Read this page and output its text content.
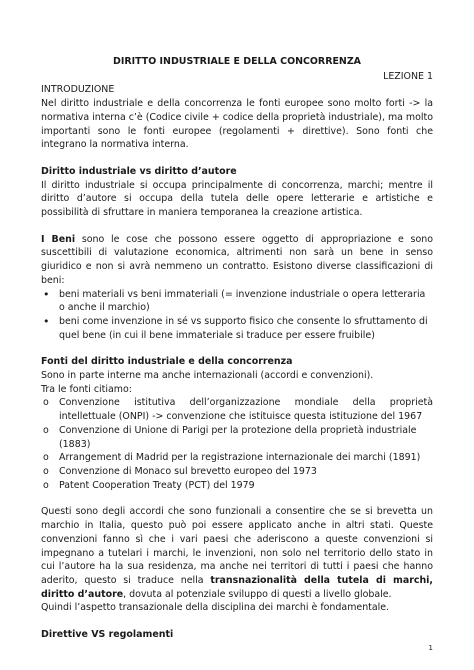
DIRITTO INDUSTRIALE E DELLA CONCORRENZA

LEZIONE 1

INTRODUZIONE

Nel diritto industriale e della concorrenza le fonti europee sono molto forti -> la normativa interna c’è (Codice civile + codice della proprietà industriale), ma molto importanti sono le fonti europee (regolamenti + direttive). Sono fonti che integrano la normativa interna.

Diritto industriale vs diritto d’autore

Il diritto industriale si occupa principalmente di concorrenza, marchi; mentre il diritto d’autore si occupa della tutela delle opere letterarie e artistiche e possibilità di sfruttare in maniera temporanea la creazione artistica.

I Beni sono le cose che possono essere oggetto di appropriazione e sono suscettibili di valutazione economica, altrimenti non sarà un bene in senso giuridico e non si avrà nemmeno un contratto. Esistono diverse classificazioni di beni:

•	beni materiali vs beni immateriali (= invenzione industriale o opera letteraria o anche il marchio)
•	beni come invenzione in sé vs supporto fisico che consente lo sfruttamento di quel bene (in cui il bene immateriale si traduce per essere fruibile)
Fonti del diritto industriale e della concorrenza

Sono in parte interne ma anche internazionali (accordi e convenzioni).

Tra le fonti citiamo:

o	Convenzione istitutiva dell’organizzazione mondiale della proprietà intellettuale (ONPI) -> convenzione che istituisce questa istituzione del 1967
o	Convenzione di Unione di Parigi per la protezione della proprietà industriale (1883)
o	Arrangement di Madrid per la registrazione internazionale dei marchi (1891)
o	Convenzione di Monaco sul brevetto europeo del 1973
o	Patent Cooperation Treaty (PCT) del 1979

Questi sono degli accordi che sono funzionali a consentire che se si brevetta un marchio in Italia, questo può poi essere applicato anche in altri stati. Queste convenzioni fanno sì che i vari paesi che aderiscono a queste convenzioni si impegnano a tutelari i marchi, le invenzioni, non solo nel territorio dello stato in cui l’autore ha la sua residenza, ma anche nei territori di tutti i paesi che hanno aderito, questo si traduce nella transnazionalità della tutela di marchi, diritto d’autore, dovuta al potenziale sviluppo di questi a livello globale.

Quindi l’aspetto transazionale della disciplina dei marchi è fondamentale.

Direttive VS regolamenti
1
